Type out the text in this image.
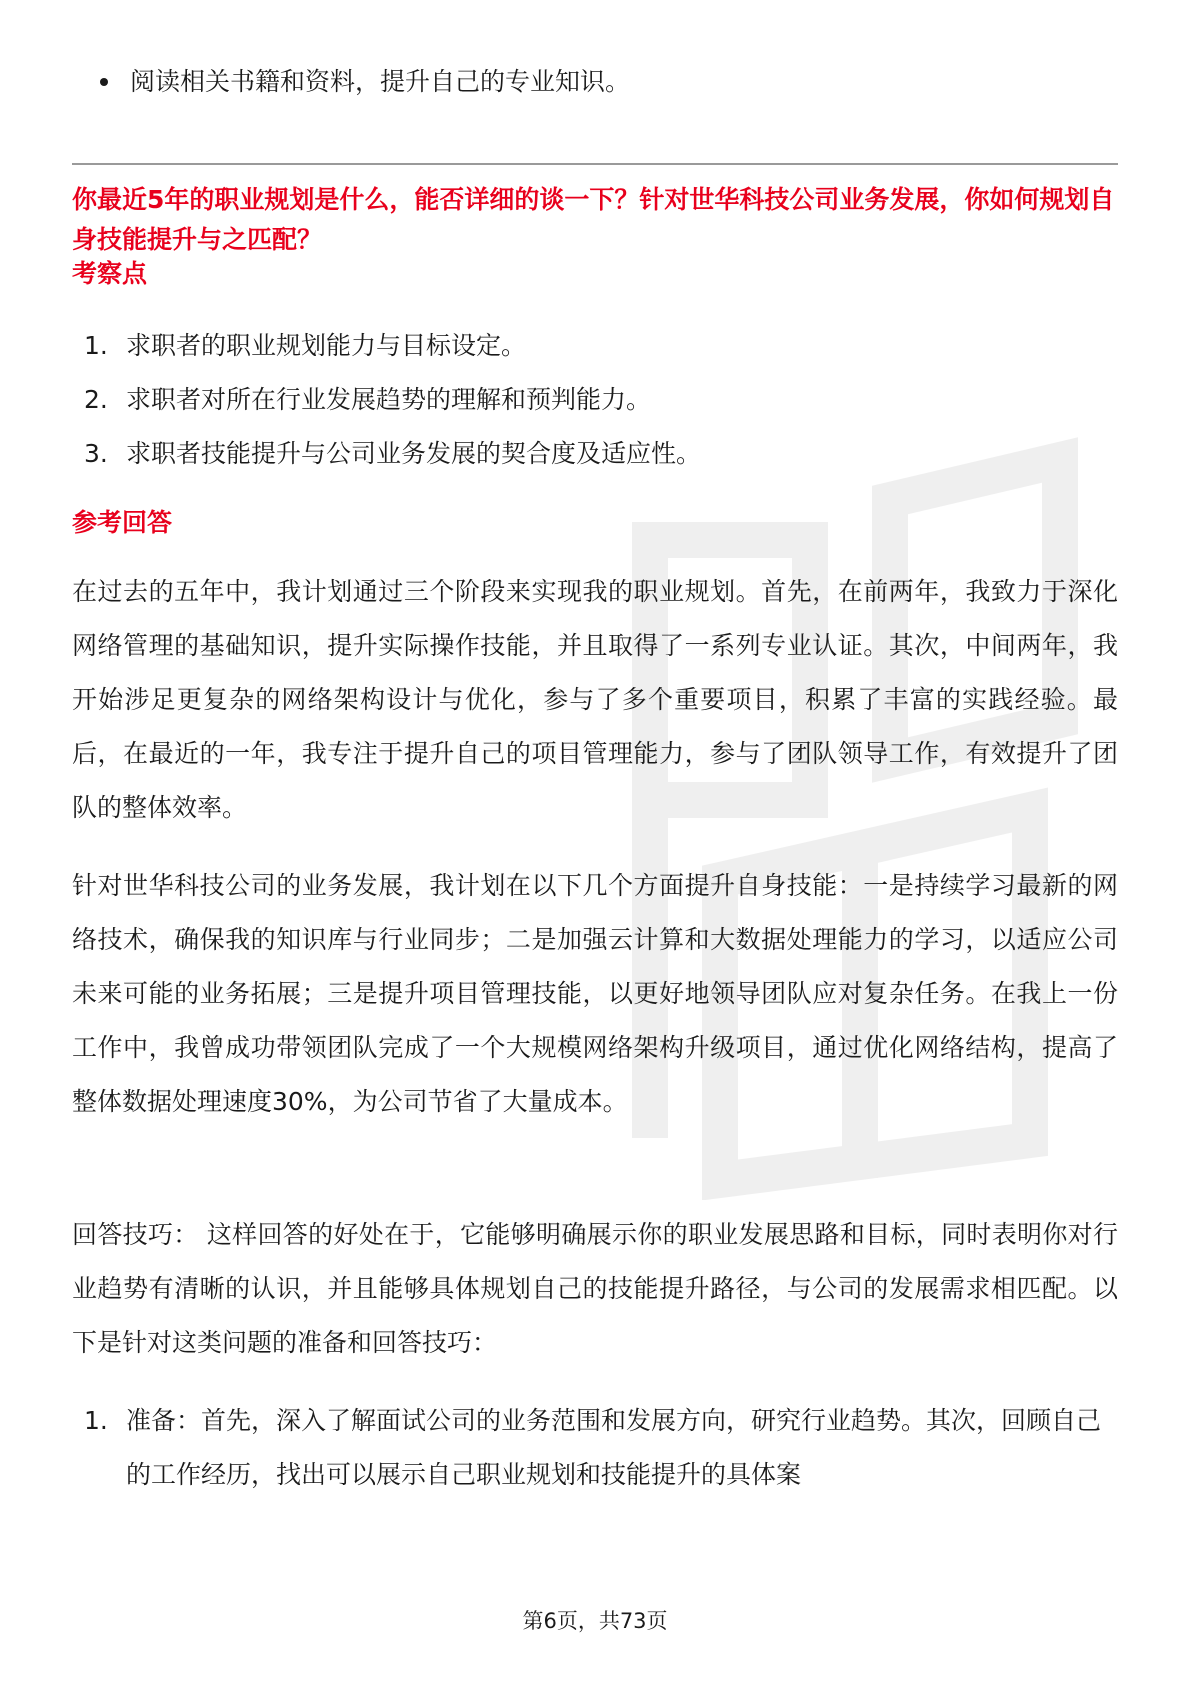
阅读相关书籍和资料，提升自己的专业知识。
你最近5年的职业规划是什么，能否详细的谈一下？针对世华科技公司业务发展，你如何规划自身技能提升与之匹配？
考察点
1. 求职者的职业规划能力与目标设定。
2. 求职者对所在行业发展趋势的理解和预判能力。
3. 求职者技能提升与公司业务发展的契合度及适应性。
参考回答
在过去的五年中，我计划通过三个阶段来实现我的职业规划。首先，在前两年，我致力于深化网络管理的基础知识，提升实际操作技能，并且取得了一系列专业认证。其次，中间两年，我开始涉足更复杂的网络架构设计与优化，参与了多个重要项目，积累了丰富的实践经验。最后，在最近的一年，我专注于提升自己的项目管理能力，参与了团队领导工作，有效提升了团队的整体效率。
针对世华科技公司的业务发展，我计划在以下几个方面提升自身技能：一是持续学习最新的网络技术，确保我的知识库与行业同步；二是加强云计算和大数据处理能力的学习，以适应公司未来可能的业务拓展；三是提升项目管理技能，以更好地领导团队应对复杂任务。在我上一份工作中，我曾成功带领团队完成了一个大规模网络架构升级项目，通过优化网络结构，提高了整体数据处理速度30%，为公司节省了大量成本。
回答技巧： 这样回答的好处在于，它能够明确展示你的职业发展思路和目标，同时表明你对行业趋势有清晰的认识，并且能够具体规划自己的技能提升路径，与公司的发展需求相匹配。以下是针对这类问题的准备和回答技巧：
1. 准备：首先，深入了解面试公司的业务范围和发展方向，研究行业趋势。其次，回顾自己的工作经历，找出可以展示自己职业规划和技能提升的具体案
第6页，共73页
